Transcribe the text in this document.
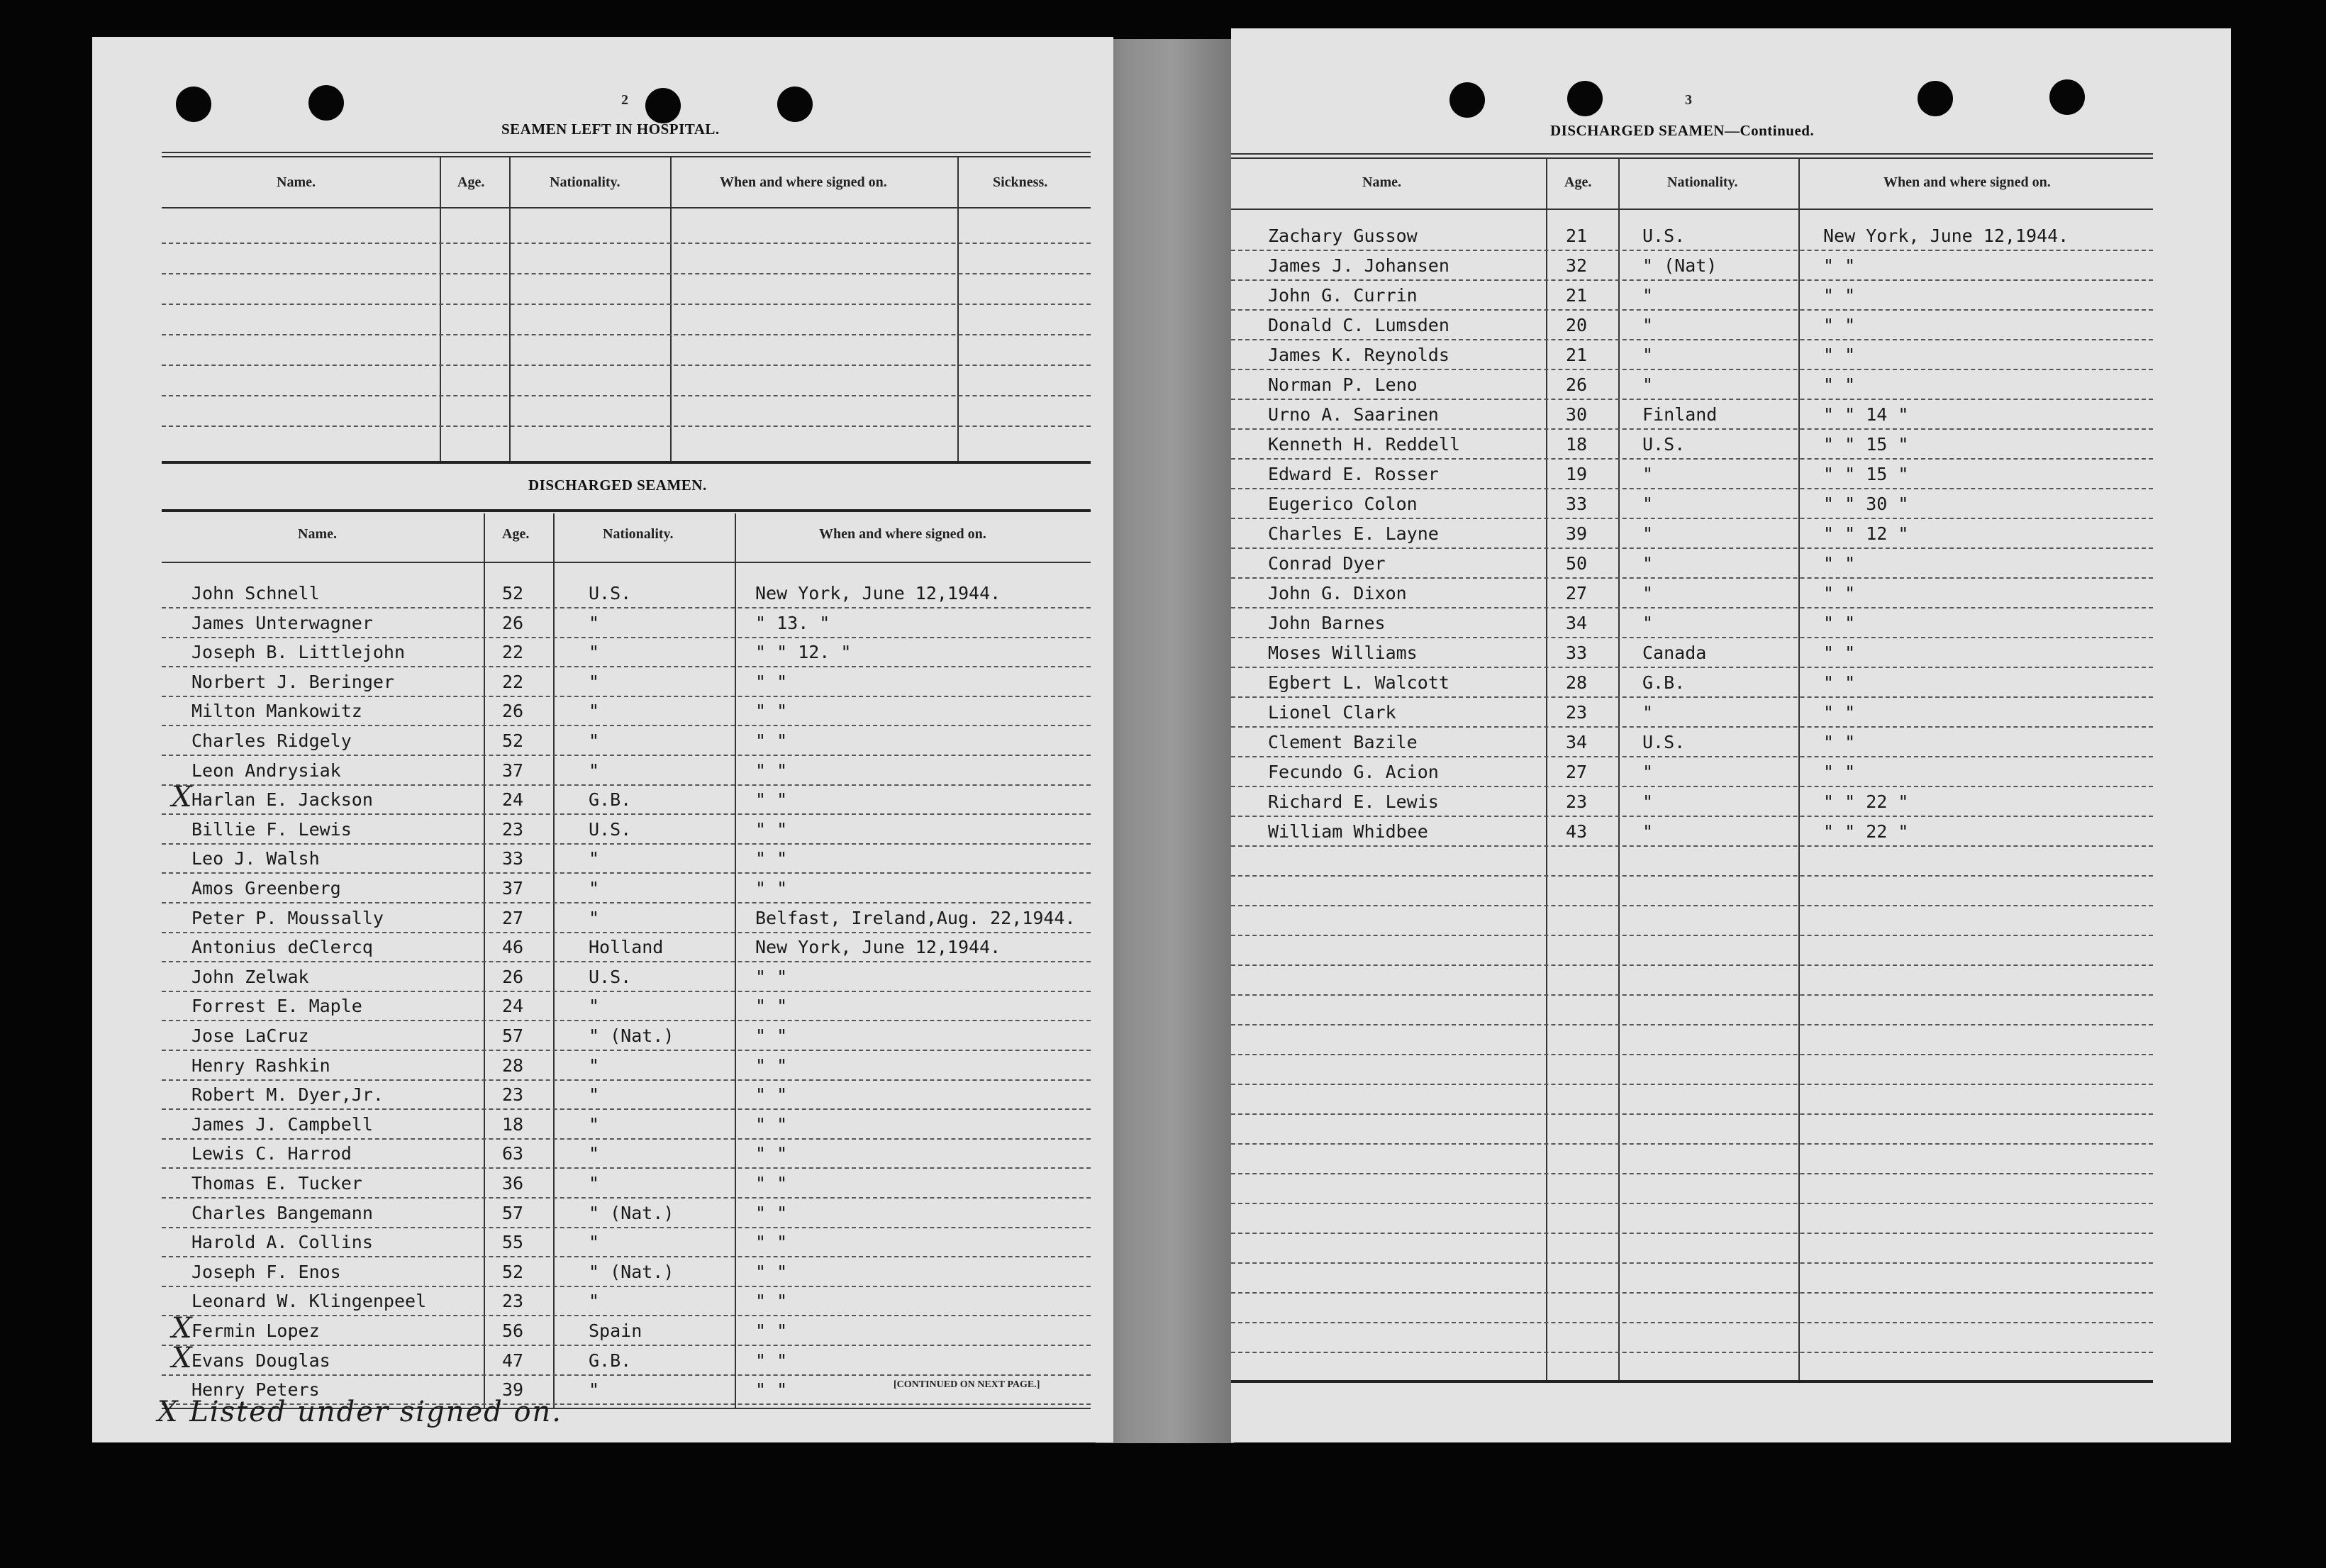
2
SEAMEN LEFT IN HOSPITAL.
Name.	Age.	Nationality.	When and where signed on.	Sickness.
DISCHARGED SEAMEN.
Name.	Age.	Nationality.	When and where signed on.
John Schnell	52	U.S.	New York, June 12,1944.
James Unterwagner	26	"	" 13. "
Joseph B. Littlejohn	22	"	" " 12. "
Norbert J. Beringer	22	"	" "
Milton Mankowitz	26	"	" "
Charles Ridgely	52	"	" "
Leon Andrysiak	37	"	" "
X Harlan E. Jackson	24	G.B.	" "
Billie F. Lewis	23	U.S.	" "
Leo J. Walsh	33	"	" "
Amos Greenberg	37	"	" "
Peter P. Moussally	27	"	Belfast, Ireland,Aug. 22,1944.
Antonius deClercq	46	Holland	New York, June 12,1944.
John Zelwak	26	U.S.	" "
Forrest E. Maple	24	"	" "
Jose LaCruz	57	" (Nat.)	" "
Henry Rashkin	28	"	" "
Robert M. Dyer,Jr.	23	"	" "
James J. Campbell	18	"	" "
Lewis C. Harrod	63	"	" "
Thomas E. Tucker	36	"	" "
Charles Bangemann	57	" (Nat.)	" "
Harold A. Collins	55	"	" "
Joseph F. Enos	52	" (Nat.)	" "
Leonard W. Klingenpeel	23	"	" "
X Fermin Lopez	56	Spain	" "
X Evans Douglas	47	G.B.	" "
Henry Peters	39	"	" "	[CONTINUED ON NEXT PAGE.]
X Listed under signed on.
3
DISCHARGED SEAMEN—Continued.
Name.	Age.	Nationality.	When and where signed on.
Zachary Gussow	21	U.S.	New York, June 12,1944.
James J. Johansen	32	" (Nat)	" "
John G. Currin	21	"	" "
Donald C. Lumsden	20	"	" "
James K. Reynolds	21	"	" "
Norman P. Leno	26	"	" "
Urno A. Saarinen	30	Finland	" " 14 "
Kenneth H. Reddell	18	U.S.	" " 15 "
Edward E. Rosser	19	"	" " 15 "
Eugerico Colon	33	"	" " 30 "
Charles E. Layne	39	"	" " 12 "
Conrad Dyer	50	"	" "
John G. Dixon	27	"	" "
John Barnes	34	"	" "
Moses Williams	33	Canada	" "
Egbert L. Walcott	28	G.B.	" "
Lionel Clark	23	"	" "
Clement Bazile	34	U.S.	" "
Fecundo G. Acion	27	"	" "
Richard E. Lewis	23	"	" " 22 "
William Whidbee	43	"	" " 22 "
